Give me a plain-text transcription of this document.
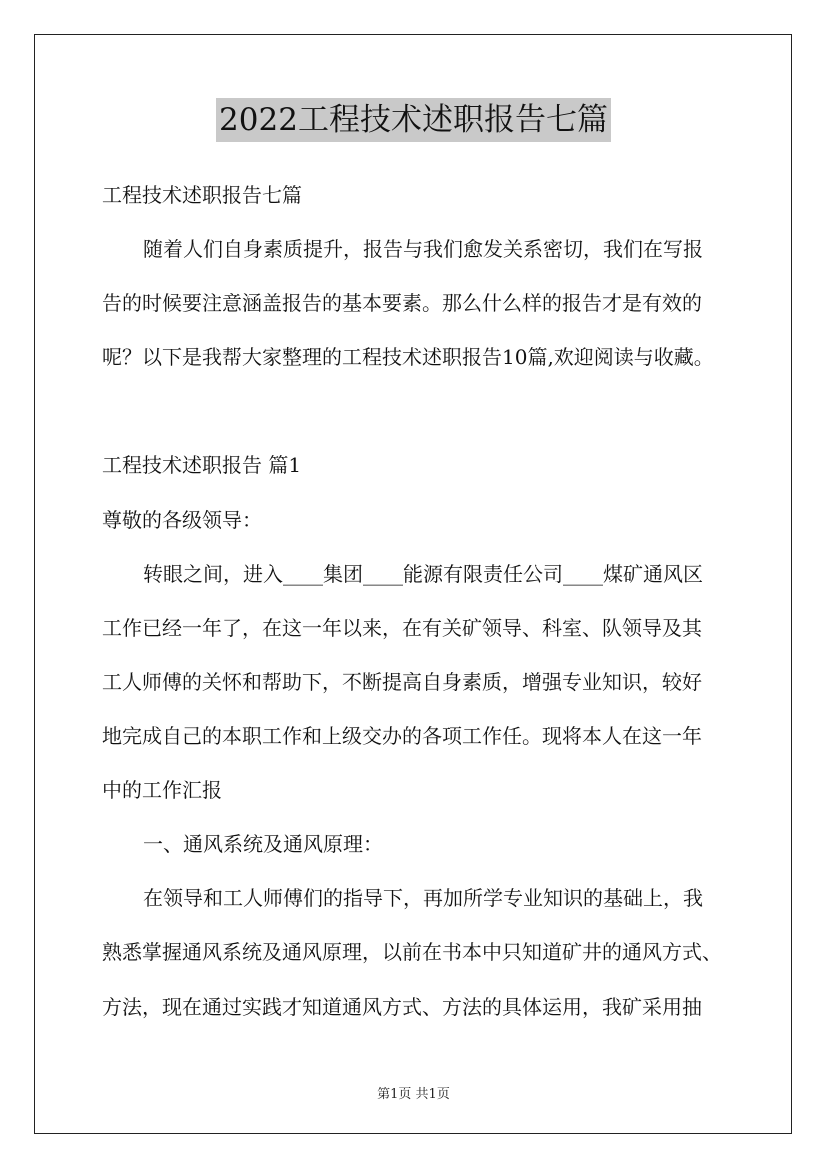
2022工程技术述职报告七篇
工程技术述职报告七篇
随着人们自身素质提升，报告与我们愈发关系密切，我们在写报
告的时候要注意涵盖报告的基本要素。那么什么样的报告才是有效的
呢？以下是我帮大家整理的工程技术述职报告10篇,欢迎阅读与收藏。
工程技术述职报告 篇1
尊敬的各级领导：
转眼之间，进入____集团____能源有限责任公司____煤矿通风区
工作已经一年了，在这一年以来，在有关矿领导、科室、队领导及其
工人师傅的关怀和帮助下，不断提高自身素质，增强专业知识，较好
地完成自己的本职工作和上级交办的各项工作任。现将本人在这一年
中的工作汇报
一、通风系统及通风原理：
在领导和工人师傅们的指导下，再加所学专业知识的基础上，我
熟悉掌握通风系统及通风原理，以前在书本中只知道矿井的通风方式、
方法，现在通过实践才知道通风方式、方法的具体运用，我矿采用抽
第1页 共1页
